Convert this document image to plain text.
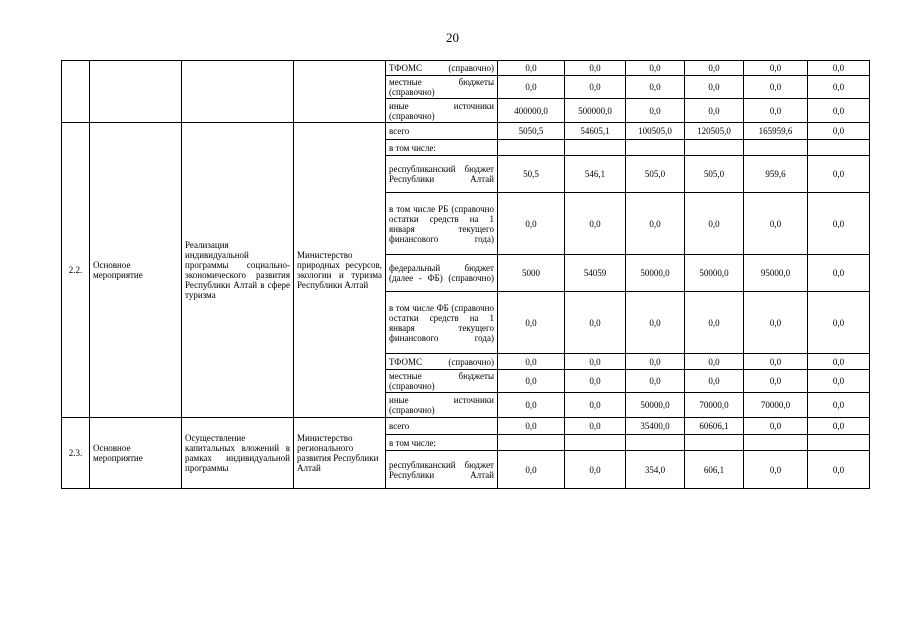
20
				ТФОМС (справочно)	0,0	0,0	0,0	0,0	0,0	0,0
				местные бюджеты (справочно)	0,0	0,0	0,0	0,0	0,0	0,0
				иные источники (справочно)	400000,0	500000,0	0,0	0,0	0,0	0,0
2.2.	Основное мероприятие	Реализация индивидуальной программы социально-экономического развития Республики Алтай в сфере туризма	Министерство природных ресурсов, экологии и туризма Республики Алтай	всего	5050,5	54605,1	100505,0	120505,0	165959,6	0,0
				в том числе:						
				республиканский бюджет Республики Алтай	50,5	546,1	505,0	505,0	959,6	0,0
				в том числе РБ (справочно остатки средств на 1 января текущего финансового года)	0,0	0,0	0,0	0,0	0,0	0,0
				федеральный бюджет (далее - ФБ) (справочно)	5000	54059	50000,0	50000,0	95000,0	0,0
				в том числе ФБ (справочно остатки средств на 1 января текущего финансового года)	0,0	0,0	0,0	0,0	0,0	0,0
				ТФОМС (справочно)	0,0	0,0	0,0	0,0	0,0	0,0
				местные бюджеты (справочно)	0,0	0,0	0,0	0,0	0,0	0,0
				иные источники (справочно)	0,0	0,0	50000,0	70000,0	70000,0	0,0
2.3.	Основное мероприятие	Осуществление капитальных вложений в рамках индивидуальной программы	Министерство регионального развития Республики Алтай	всего	0,0	0,0	35400,0	60606,1	0,0	0,0
				в том числе:						
				республиканский бюджет Республики Алтай	0,0	0,0	354,0	606,1	0,0	0,0
